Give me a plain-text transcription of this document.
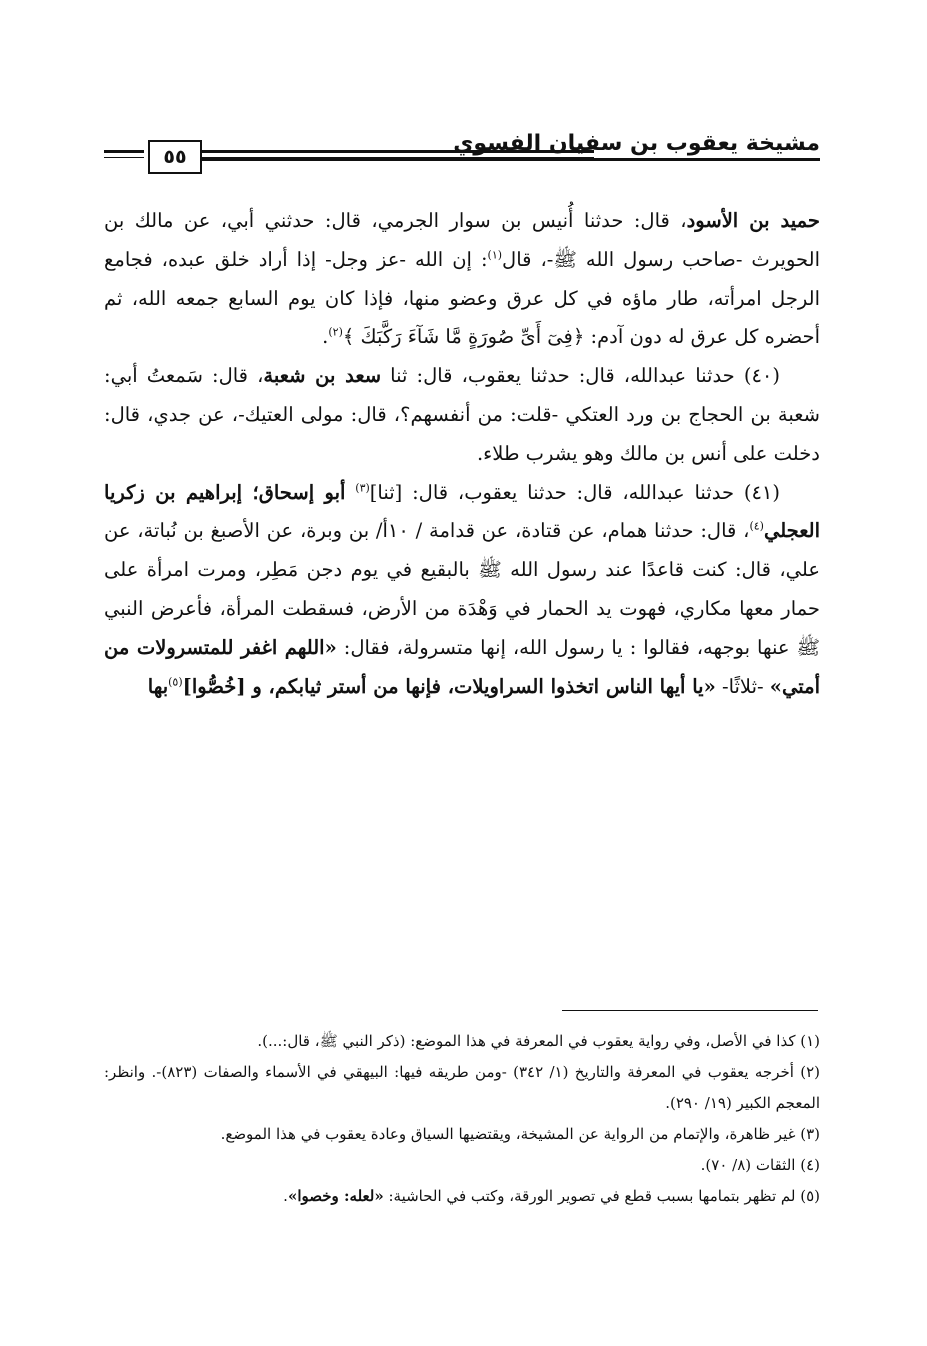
مشيخة يعقوب بن سفيان الفسوي
٥٥

حميد بن الأسود، قال: حدثنا أُنيس بن سوار الجرمي، قال: حدثني أبي، عن مالك بن الحويرث -صاحب رسول الله ﷺ-، قال$^{(١)}$: إن الله -عز وجل- إذا أراد خلق عبده، فجامع الرجل امرأته، طار ماؤه في كل عرق وعضو منها، فإذا كان يوم السابع جمعه الله، ثم أحضره كل عرق له دون آدم: ﴿فِىٓ أَىِّ صُورَةٍ مَّا شَآءَ رَكَّبَكَ ﴾$^{(٢)}$.

(٤٠) حدثنا عبدالله، قال: حدثنا يعقوب، قال: ثنا سعد بن شعبة، قال: سَمعتُ أبي: شعبة بن الحجاج بن ورد العتكي -قلت: من أنفسهم؟، قال: مولى العتيك-، عن جدي، قال: دخلت على أنس بن مالك وهو يشرب طلاء.

(٤١) حدثنا عبدالله، قال: حدثنا يعقوب، قال: [ثنا]$^{(٣)}$ أبو إسحاق؛ إبراهيم بن زكريا العجلي$^{(٤)}$، قال: حدثنا همام، عن قتادة، عن قدامة / ١٠أ/ بن وبرة، عن الأصبغ بن نُباتة، عن علي، قال: كنت قاعدًا عند رسول الله ﷺ بالبقيع في يوم دجن مَطِر، ومرت امرأة على حمار معها مكاري، فهوت يد الحمار في وَهْدَة من الأرض، فسقطت المرأة، فأعرض النبي ﷺ عنها بوجهه، فقالوا : يا رسول الله، إنها متسرولة، فقال: «اللهم اغفر للمتسرولات من أمتي» -ثلاثًا- «يا أيها الناس اتخذوا السراويلات، فإنها من أستر ثيابكم، و [خُصُّوا]$^{(٥)}$بها

(١) كذا في الأصل، وفي رواية يعقوب في المعرفة في هذا الموضع: (ذكر النبي ﷺ، قال:...).

(٢) أخرجه يعقوب في المعرفة والتاريخ (١/ ٣٤٢) -ومن طريقه فيها: البيهقي في الأسماء والصفات (٨٢٣)-. وانظر: المعجم الكبير (١٩/ ٢٩٠).

(٣) غير ظاهرة، والإتمام من الرواية عن المشيخة، ويقتضيها السياق وعادة يعقوب في هذا الموضع.

(٤) الثقات (٨/ ٧٠).

(٥) لم تظهر بتمامها بسبب قطع في تصوير الورقة، وكتب في الحاشية: «لعله: وخصوا».
